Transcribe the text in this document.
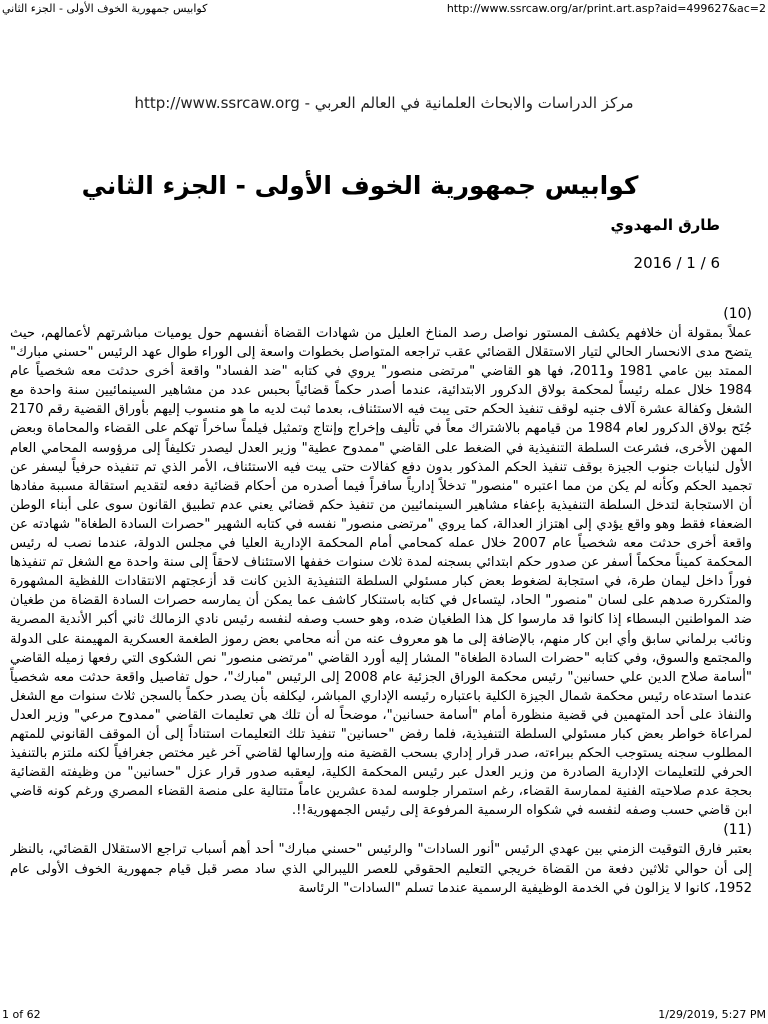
كوابيس جمهورية الخوف الأولى - الجزء الثاني	http://www.ssrcaw.org/ar/print.art.asp?aid=499627&ac=2
http://www.ssrcaw.org - مركز الدراسات والابحاث العلمانية في العالم العربي
كوابيس جمهورية الخوف الأولى - الجزء الثاني
طارق المهدوي
2016 / 1 / 6
(10)

عملاً بمقولة أن خلافهم يكشف المستور نواصل رصد المناخ العليل من شهادات القضاة أنفسهم حول يوميات مباشرتهم لأعمالهم، حيث يتضح مدى الانحسار الحالي لتيار الاستقلال القضائي عقب تراجعه المتواصل بخطوات واسعة إلى الوراء طوال عهد الرئيس "حسني مبارك" الممتد بين عامي 1981 و2011، فها هو القاضي "مرتضى منصور" يروي في كتابه "ضد الفساد" واقعة أخرى حدثت معه شخصياً عام 1984 خلال عمله رئيساً لمحكمة بولاق الدكرور الابتدائية، عندما أصدر حكماً قضائياً بحبس عدد من مشاهير السينمائيين سنة واحدة مع الشغل وكفالة عشرة آلاف جنيه لوقف تنفيذ الحكم حتى يبت فيه الاستئناف، بعدما ثبت لديه ما هو منسوب إليهم بأوراق القضية رقم 2170 جُنَح بولاق الدكرور لعام 1984 من قيامهم بالاشتراك معاً في تأليف وإخراج وإنتاج وتمثيل فيلماً ساخراً تهكم على القضاء والمحاماة وبعض المهن الأخرى، فشرعت السلطة التنفيذية في الضغط على القاضي "ممدوح عطية" وزير العدل ليصدر تكليفاً إلى مرؤوسه المحامي العام الأول لنيابات جنوب الجيزة بوقف تنفيذ الحكم المذكور بدون دفع كفالات حتى يبت فيه الاستئناف، الأمر الذي تم تنفيذه حرفياً ليسفر عن تجميد الحكم وكأنه لم يكن من مما اعتبره "منصور" تدخلاً إدارياً سافراً فيما أصدره من أحكام قضائية دفعه لتقديم استقالة مسببة مفادها أن الاستجابة لتدخل السلطة التنفيذية بإعفاء مشاهير السينمائيين من تنفيذ حكم قضائي يعني عدم تطبيق القانون سوى على أبناء الوطن الضعفاء فقط وهو واقع يؤدي إلى اهتزاز العدالة، كما يروي "مرتضى منصور" نفسه في كتابه الشهير "حصرات السادة الطغاة" شهادته عن واقعة أخرى حدثت معه شخصياً عام 2007 خلال عمله كمحامي أمام المحكمة الإدارية العليا في مجلس الدولة، عندما نصب له رئيس المحكمة كميناً محكماً أسفر عن صدور حكم ابتدائي بسجنه لمدة ثلاث سنوات خففها الاستئناف لاحقاً إلى سنة واحدة مع الشغل تم تنفيذها فوراً داخل ليمان طرة، في استجابة لضغوط بعض كبار مسئولي السلطة التنفيذية الذين كانت قد أزعجتهم الانتقادات اللفظية المشهورة والمتكررة صدهم على لسان "منصور" الحاد، ليتساءل في كتابه باستنكار كاشف عما يمكن أن يمارسه حصرات السادة القضاة من طغيان ضد المواطنين البسطاء إذا كانوا قد مارسوا كل هذا الطغيان ضده، وهو حسب وصفه لنفسه رئيس نادي الزمالك ثاني أكبر الأندية المصرية ونائب برلماني سابق وأي ابن كار منهم، بالإضافة إلى ما هو معروف عنه من أنه محامي بعض رموز الطغمة العسكرية المهيمنة على الدولة والمجتمع والسوق، وفي كتابه "حضرات السادة الطغاة" المشار إليه أورد القاضي "مرتضى منصور" نص الشكوى التي رفعها زميله القاضي "أسامة صلاح الدين علي حسانين" رئيس محكمة الوراق الجزئية عام 2008 إلى الرئيس "مبارك"، حول تفاصيل واقعة حدثت معه شخصياً عندما استدعاه رئيس محكمة شمال الجيزة الكلية باعتباره رئيسه الإداري المباشر، ليكلفه بأن يصدر حكماً بالسجن ثلاث سنوات مع الشغل والنفاذ على أحد المتهمين في قضية منظورة أمام "أسامة حسانين"، موضحاً له أن تلك هي تعليمات القاضي "ممدوح مرعي" وزير العدل لمراعاة خواطر بعض كبار مسئولي السلطة التنفيذية، فلما رفض "حسانين" تنفيذ تلك التعليمات استناداً إلى أن الموقف القانوني للمتهم المطلوب سجنه يستوجب الحكم ببراءته، صدر قرار إداري بسحب القضية منه وإرسالها لقاضي آخر غير مختص جغرافياً لكنه ملتزم بالتنفيذ الحرفي للتعليمات الإدارية الصادرة من وزير العدل عبر رئيس المحكمة الكلية، ليعقبه صدور قرار عزل "حسانين" من وظيفته القضائية بحجة عدم صلاحيته الفنية لممارسة القضاء، رغم استمرار جلوسه لمدة عشرين عاماً متتالية على منصة القضاء المصري ورغم كونه قاضي ابن قاضي حسب وصفه لنفسه في شكواه الرسمية المرفوعة إلى رئيس الجمهورية!!.

(11)

بعتبر فارق التوقيت الزمني بين عهدي الرئيس "أنور السادات" والرئيس "حسني مبارك" أحد أهم أسباب تراجع الاستقلال القضائي، بالنظر إلى أن حوالي ثلاثين دفعة من القضاة خريجي التعليم الحقوقي للعصر الليبرالي الذي ساد مصر قبل قيام جمهورية الخوف الأولى عام 1952، كانوا لا يزالون في الخدمة الوظيفية الرسمية عندما تسلم "السادات" الرئاسة

1 of 62	1/29/2019, 5:27 PM
